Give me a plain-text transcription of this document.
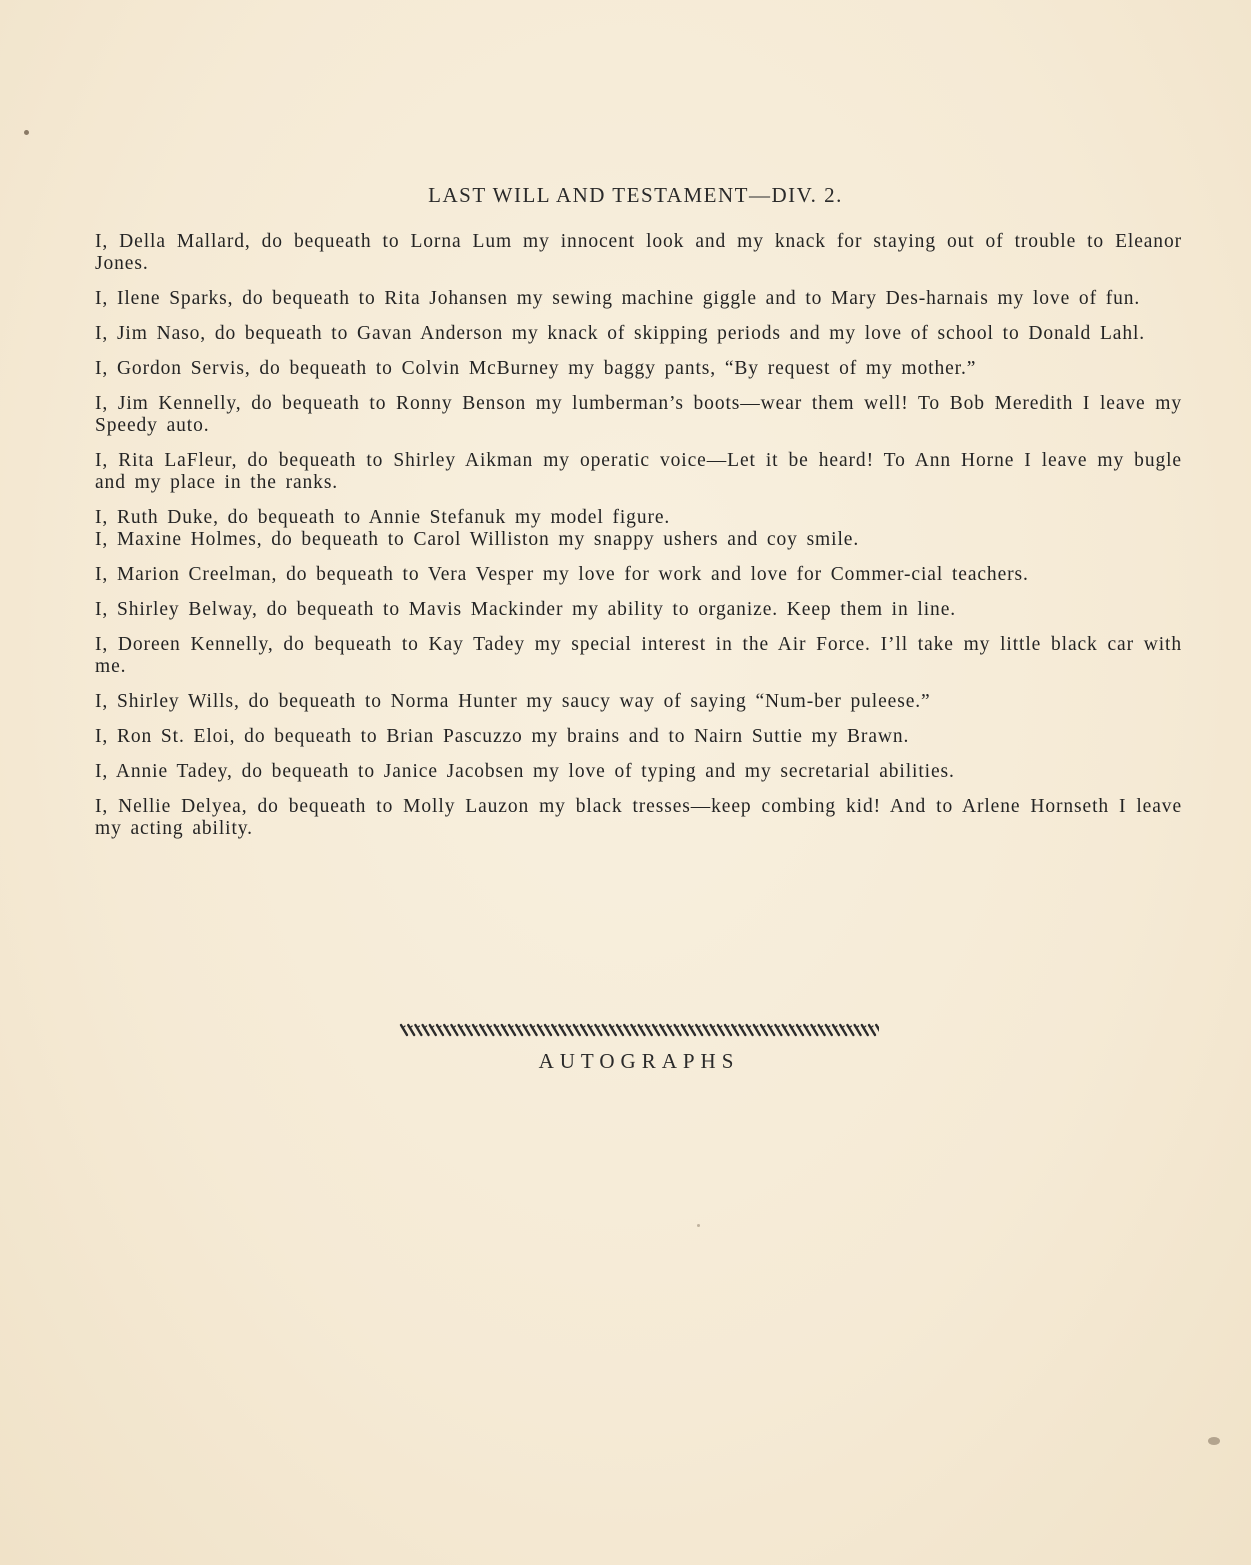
LAST WILL AND TESTAMENT—DIV. 2.

I, Della Mallard, do bequeath to Lorna Lum my innocent look and my knack for staying out of trouble to Eleanor Jones.

I, Ilene Sparks, do bequeath to Rita Johansen my sewing machine giggle and to Mary Des-harnais my love of fun.

I, Jim Naso, do bequeath to Gavan Anderson my knack of skipping periods and my love of school to Donald Lahl.

I, Gordon Servis, do bequeath to Colvin McBurney my baggy pants, “By request of my mother.”

I, Jim Kennelly, do bequeath to Ronny Benson my lumberman’s boots—wear them well! To Bob Meredith I leave my Speedy auto.

I, Rita LaFleur, do bequeath to Shirley Aikman my operatic voice—Let it be heard! To Ann Horne I leave my bugle and my place in the ranks.

I, Ruth Duke, do bequeath to Annie Stefanuk my model figure.

I, Maxine Holmes, do bequeath to Carol Williston my snappy ushers and coy smile.

I, Marion Creelman, do bequeath to Vera Vesper my love for work and love for Commer-cial teachers.

I, Shirley Belway, do bequeath to Mavis Mackinder my ability to organize. Keep them in line.

I, Doreen Kennelly, do bequeath to Kay Tadey my special interest in the Air Force. I’ll take my little black car with me.

I, Shirley Wills, do bequeath to Norma Hunter my saucy way of saying “Num-ber puleese.”

I, Ron St. Eloi, do bequeath to Brian Pascuzzo my brains and to Nairn Suttie my Brawn.

I, Annie Tadey, do bequeath to Janice Jacobsen my love of typing and my secretarial abilities.

I, Nellie Delyea, do bequeath to Molly Lauzon my black tresses—keep combing kid! And to Arlene Hornseth I leave my acting ability.

AUTOGRAPHS
